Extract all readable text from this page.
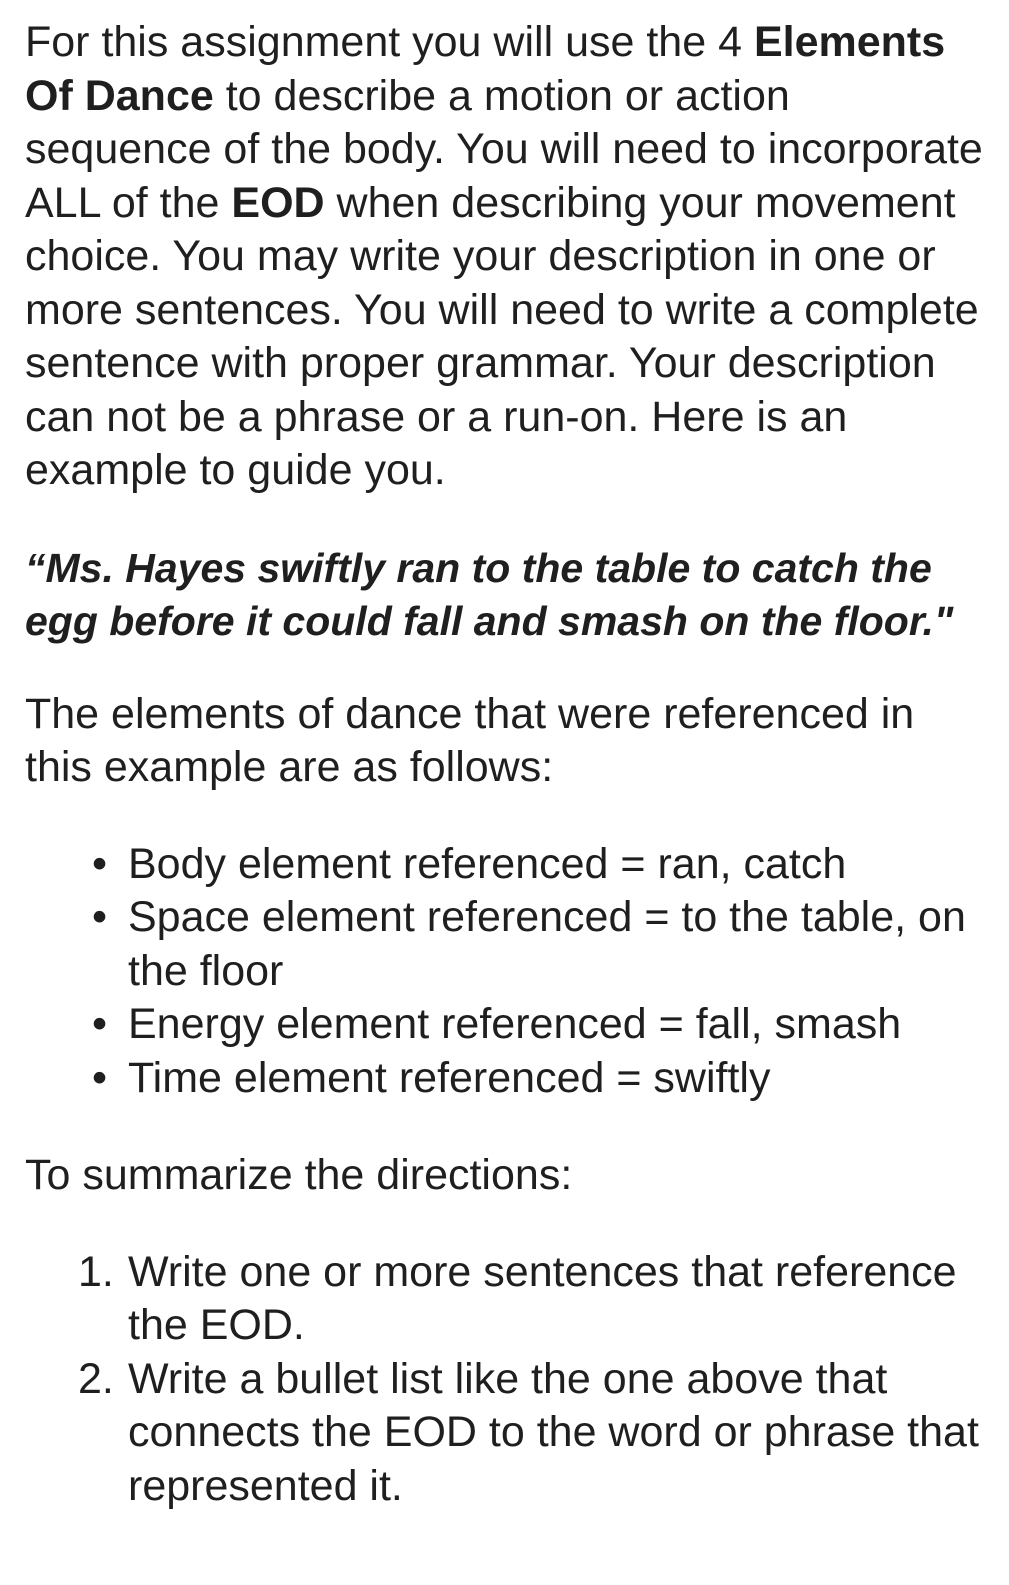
For this assignment you will use the 4 Elements Of Dance to describe a motion or action sequence of the body. You will need to incorporate ALL of the EOD when describing your movement choice. You may write your description in one or more sentences. You will need to write a complete sentence with proper grammar. Your description can not be a phrase or a run-on. Here is an example to guide you.

“Ms. Hayes swiftly ran to the table to catch the egg before it could fall and smash on the floor."

The elements of dance that were referenced in this example are as follows:

• Body element referenced = ran, catch
• Space element referenced = to the table, on the floor
• Energy element referenced = fall, smash
• Time element referenced = swiftly

To summarize the directions:

1. Write one or more sentences that reference the EOD.
2. Write a bullet list like the one above that connects the EOD to the word or phrase that represented it.
